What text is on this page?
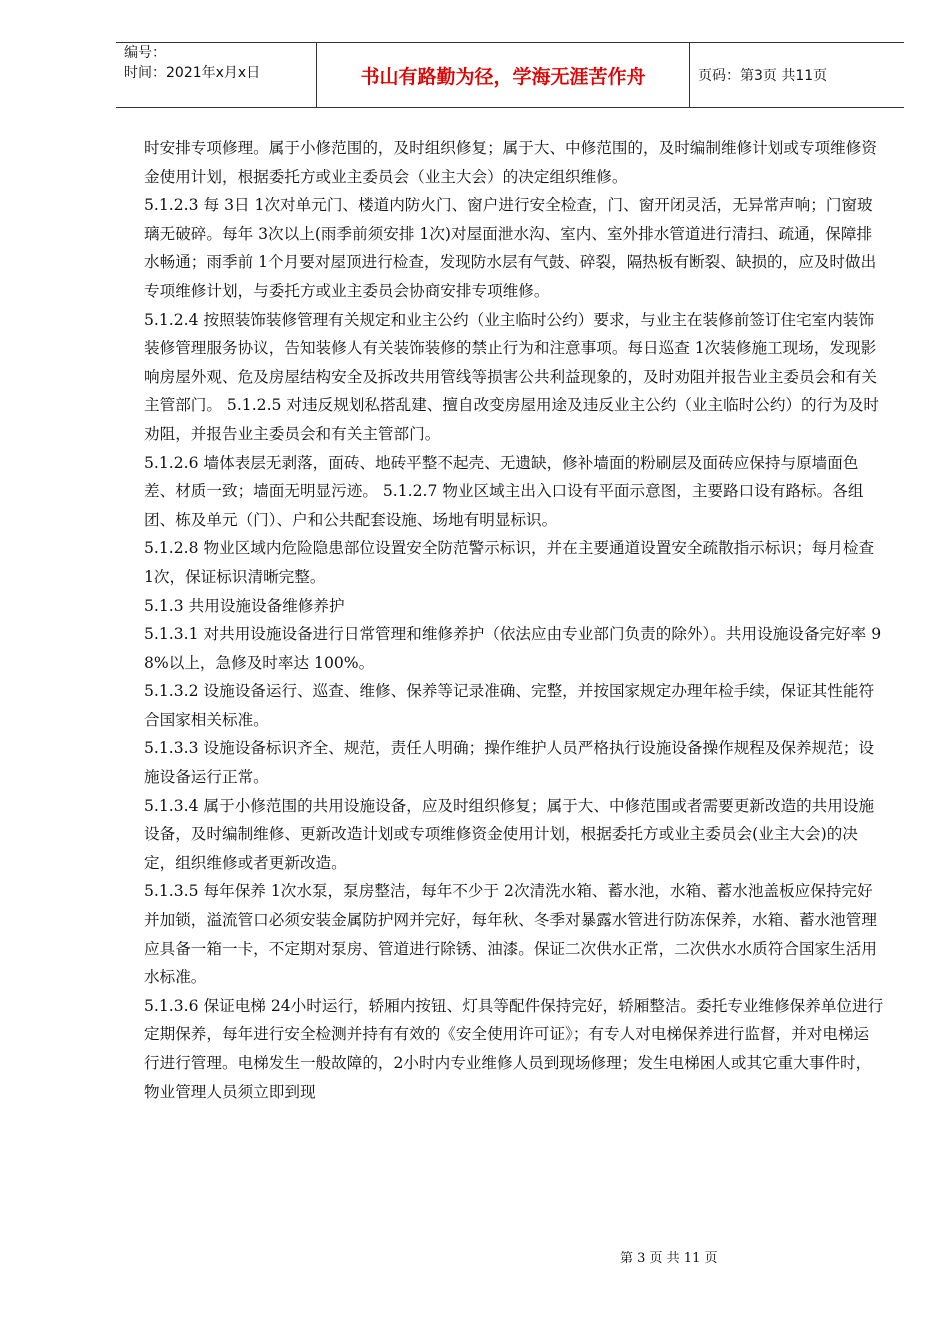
编号：
时间：2021年x月x日	书山有路勤为径，学海无涯苦作舟	页码：第3页 共11页

时安排专项修理。属于小修范围的，及时组织修复；属于大、中修范围的，及时编制维修计划或专项维修资金使用计划，根据委托方或业主委员会（业主大会）的决定组织维修。

5.1.2.3 每 3日 1次对单元门、楼道内防火门、窗户进行安全检查，门、窗开闭灵活，无异常声响；门窗玻璃无破碎。每年 3次以上(雨季前须安排 1次)对屋面泄水沟、室内、室外排水管道进行清扫、疏通，保障排水畅通；雨季前 1个月要对屋顶进行检查，发现防水层有气鼓、碎裂，隔热板有断裂、缺损的，应及时做出专项维修计划，与委托方或业主委员会协商安排专项维修。

5.1.2.4 按照装饰装修管理有关规定和业主公约（业主临时公约）要求，与业主在装修前签订住宅室内装饰装修管理服务协议，告知装修人有关装饰装修的禁止行为和注意事项。每日巡查 1次装修施工现场，发现影响房屋外观、危及房屋结构安全及拆改共用管线等损害公共利益现象的，及时劝阻并报告业主委员会和有关主管部门。 5.1.2.5 对违反规划私搭乱建、擅自改变房屋用途及违反业主公约（业主临时公约）的行为及时劝阻，并报告业主委员会和有关主管部门。

5.1.2.6 墙体表层无剥落，面砖、地砖平整不起壳、无遗缺，修补墙面的粉刷层及面砖应保持与原墙面色差、材质一致；墙面无明显污迹。 5.1.2.7 物业区域主出入口设有平面示意图，主要路口设有路标。各组团、栋及单元（门）、户和公共配套设施、场地有明显标识。

5.1.2.8 物业区域内危险隐患部位设置安全防范警示标识，并在主要通道设置安全疏散指示标识；每月检查 1次，保证标识清晰完整。

5.1.3 共用设施设备维修养护

5.1.3.1 对共用设施设备进行日常管理和维修养护（依法应由专业部门负责的除外）。共用设施设备完好率 98%以上，急修及时率达 100%。

5.1.3.2 设施设备运行、巡查、维修、保养等记录准确、完整，并按国家规定办理年检手续，保证其性能符合国家相关标准。

5.1.3.3 设施设备标识齐全、规范，责任人明确；操作维护人员严格执行设施设备操作规程及保养规范；设施设备运行正常。

5.1.3.4 属于小修范围的共用设施设备，应及时组织修复；属于大、中修范围或者需要更新改造的共用设施设备，及时编制维修、更新改造计划或专项维修资金使用计划，根据委托方或业主委员会(业主大会)的决定，组织维修或者更新改造。

5.1.3.5 每年保养 1次水泵，泵房整洁，每年不少于 2次清洗水箱、蓄水池，水箱、蓄水池盖板应保持完好并加锁，溢流管口必须安装金属防护网并完好，每年秋、冬季对暴露水管进行防冻保养，水箱、蓄水池管理应具备一箱一卡，不定期对泵房、管道进行除锈、油漆。保证二次供水正常，二次供水水质符合国家生活用水标准。

5.1.3.6 保证电梯 24小时运行，轿厢内按钮、灯具等配件保持完好，轿厢整洁。委托专业维修保养单位进行定期保养，每年进行安全检测并持有有效的《安全使用许可证》；有专人对电梯保养进行监督，并对电梯运行进行管理。电梯发生一般故障的，2小时内专业维修人员到现场修理；发生电梯困人或其它重大事件时，物业管理人员须立即到现

第 3 页 共 11 页
